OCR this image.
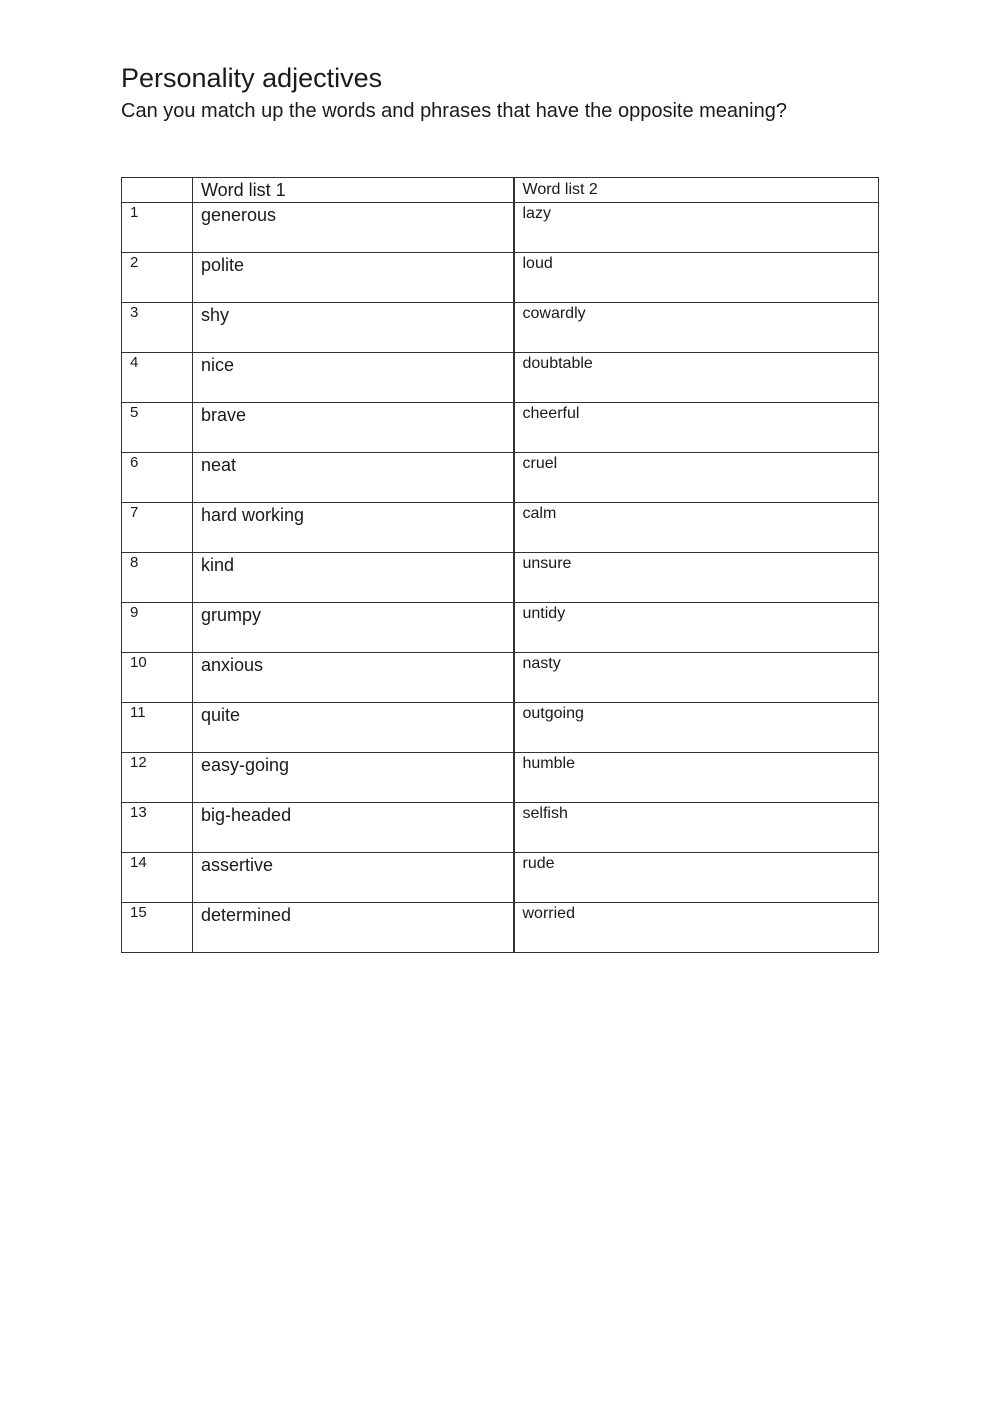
Personality adjectives
Can you match up the words and phrases that have the opposite meaning?
	Word list 1	Word list 2
1	generous	lazy
2	polite	loud
3	shy	cowardly
4	nice	doubtable
5	brave	cheerful
6	neat	cruel
7	hard working	calm
8	kind	unsure
9	grumpy	untidy
10	anxious	nasty
11	quite	outgoing
12	easy-going	humble
13	big-headed	selfish
14	assertive	rude
15	determined	worried
